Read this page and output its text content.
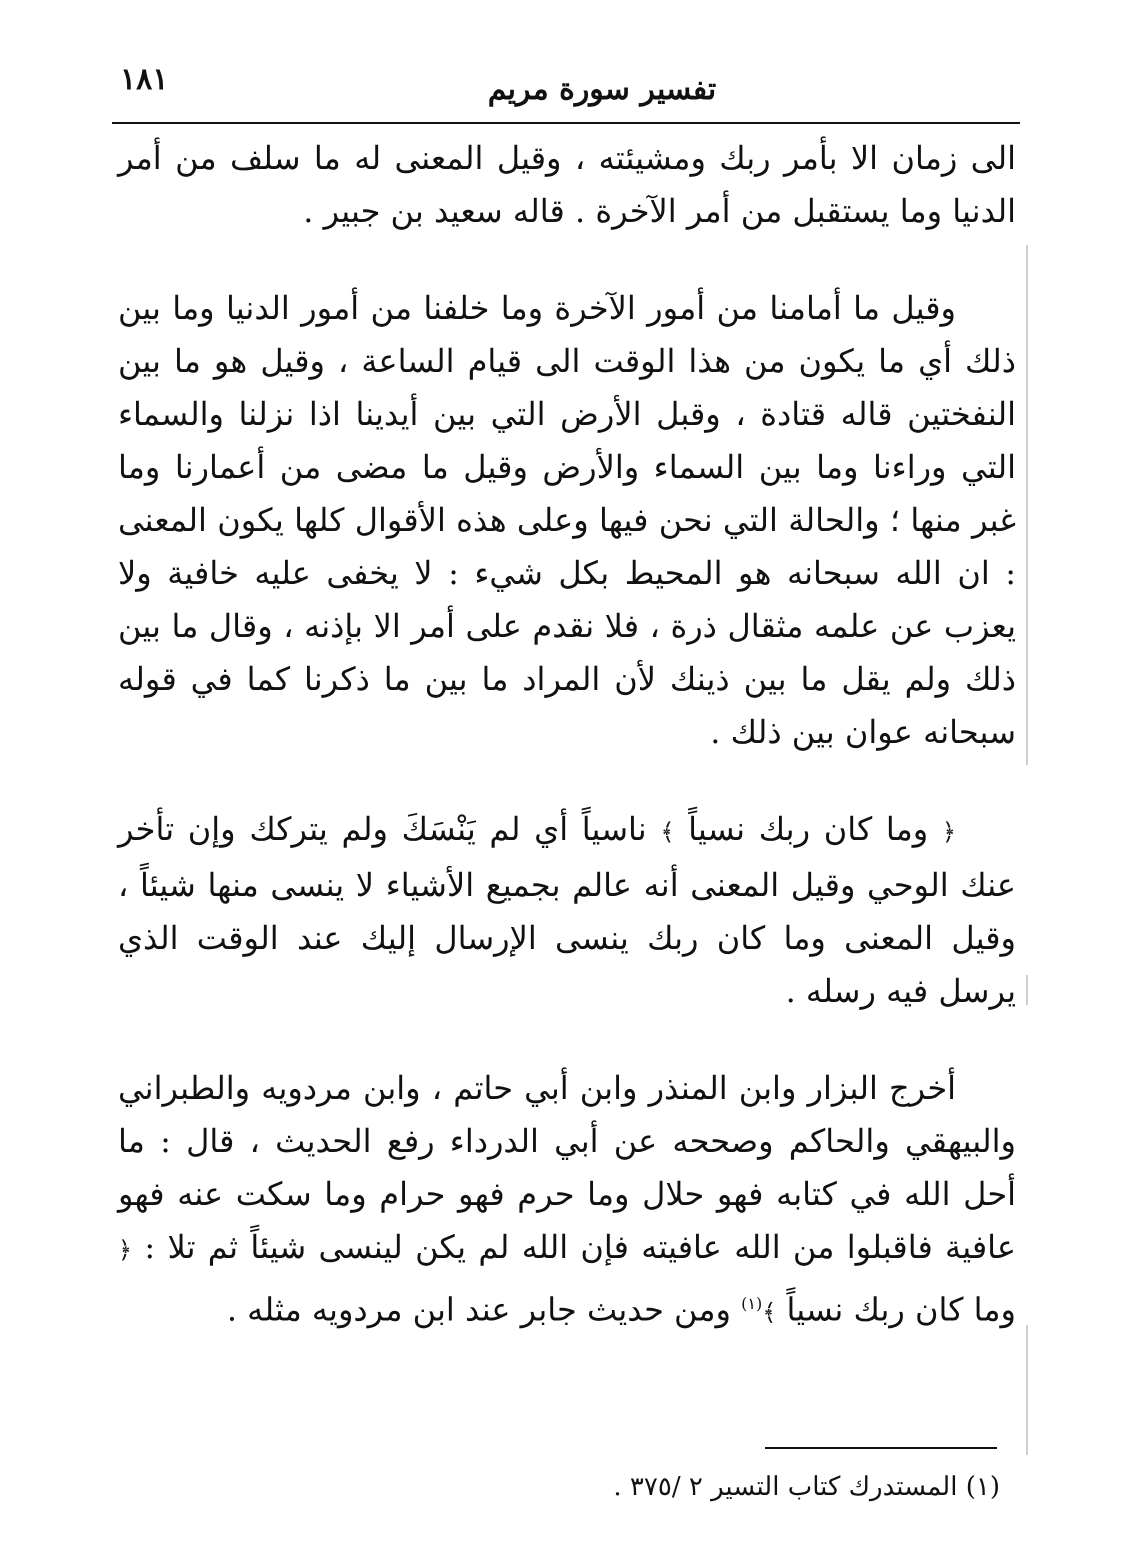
١٨١	تفسير سورة مريم

الى زمان الا بأمر ربك ومشيئته ، وقيل المعنى له ما سلف من أمر الدنيا وما يستقبل من أمر الآخرة . قاله سعيد بن جبير .

وقيل ما أمامنا من أمور الآخرة وما خلفنا من أمور الدنيا وما بين ذلك أي ما يكون من هذا الوقت الى قيام الساعة ، وقيل هو ما بين النفختين قاله قتادة ، وقبل الأرض التي بين أيدينا اذا نزلنا والسماء التي وراءنا وما بين السماء والأرض وقيل ما مضى من أعمارنا وما غبر منها ؛ والحالة التي نحن فيها وعلى هذه الأقوال كلها يكون المعنى : ان الله سبحانه هو المحيط بكل شيء : لا يخفى عليه خافية ولا يعزب عن علمه مثقال ذرة ، فلا نقدم على أمر الا بإذنه ، وقال ما بين ذلك ولم يقل ما بين ذينك لأن المراد ما بين ما ذكرنا كما في قوله سبحانه عوان بين ذلك .

﴿ وما كان ربك نسياً ﴾ ناسياً أي لم يَنْسَكَ ولم يتركك وإن تأخر عنك الوحي وقيل المعنى أنه عالم بجميع الأشياء لا ينسى منها شيئاً ، وقيل المعنى وما كان ربك ينسى الإرسال إليك عند الوقت الذي يرسل فيه رسله .

أخرج البزار وابن المنذر وابن أبي حاتم ، وابن مردويه والطبراني والبيهقي والحاكم وصححه عن أبي الدرداء رفع الحديث ، قال : ما أحل الله في كتابه فهو حلال وما حرم فهو حرام وما سكت عنه فهو عافية فاقبلوا من الله عافيته فإن الله لم يكن لينسى شيئاً ثم تلا : ﴿ وما كان ربك نسياً ﴾$^{(١)}$ ومن حديث جابر عند ابن مردويه مثله .

(١) المستدرك كتاب التسير ٢ /٣٧٥ .
